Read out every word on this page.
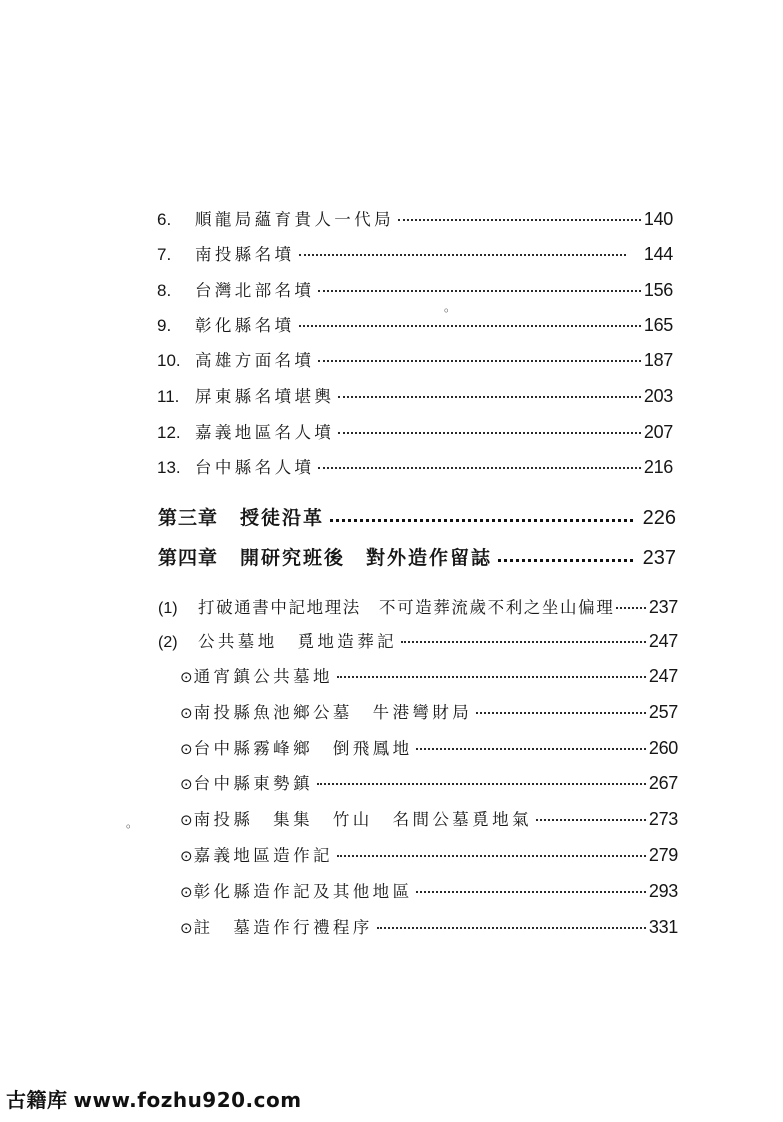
6.	順龍局蘊育貴人一代局	140
7.	南投縣名墳	144
8.	台灣北部名墳	156
9.	彰化縣名墳	165
10. 高雄方面名墳	187
11. 屏東縣名墳堪輿	203
12. 嘉義地區名人墳	207
13. 台中縣名人墳	216
第三章 授徒沿革	226
第四章 開研究班後　對外造作留誌	237
(1)	打破通書中記地理法　不可造葬流歲不利之坐山偏理 237
(2)	公共墓地　覓地造葬記	247
⊙ 通宵鎮公共墓地	247
⊙ 南投縣魚池鄉公墓　牛港彎財局	257
⊙ 台中縣霧峰鄉　倒飛鳳地	260
⊙ 台中縣東勢鎮	267
⊙ 南投縣　集集　竹山　名間公墓覓地氣	273
⊙ 嘉義地區造作記	279
⊙ 彰化縣造作記及其他地區	293
⊙ 註　墓造作行禮程序	331
。
。
古籍库 www.fozhu920.com
